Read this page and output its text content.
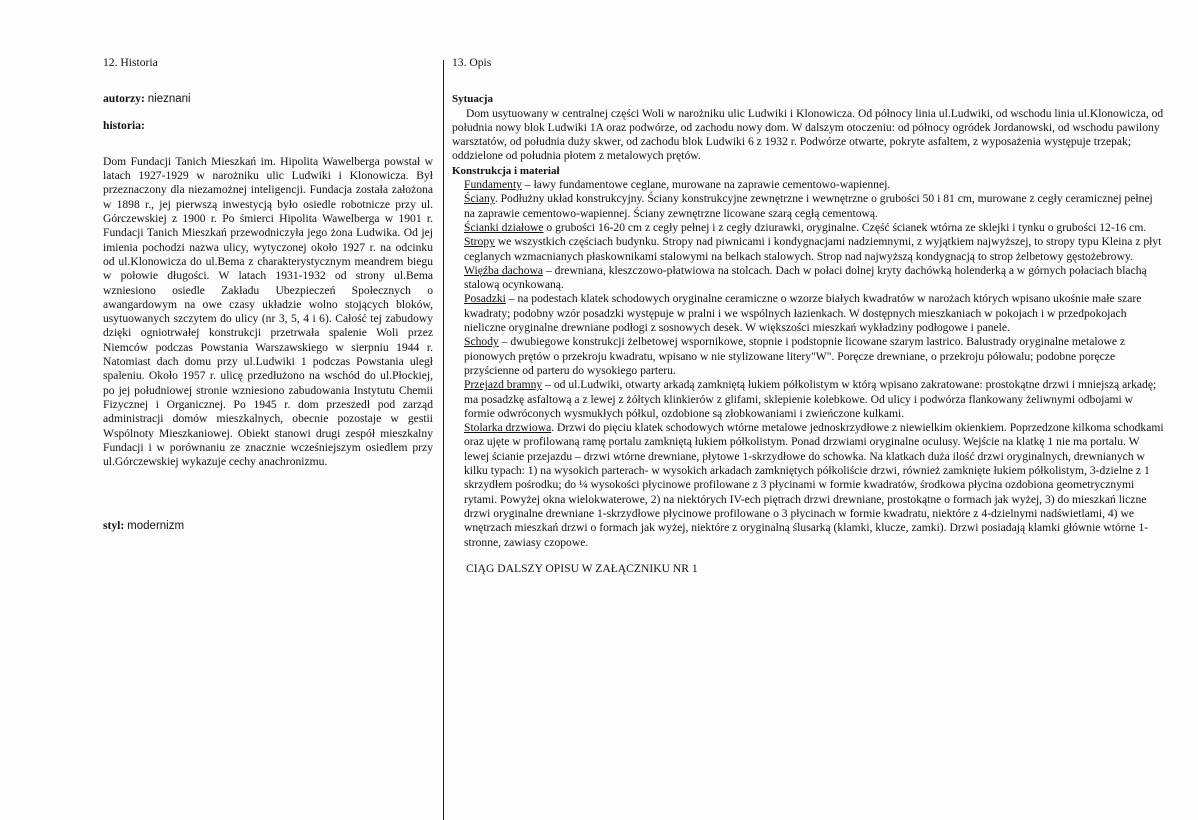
12. Historia

autorzy: nieznani

historia:

Dom Fundacji Tanich Mieszkań im. Hipolita Wawelberga powstał w latach 1927-1929 w narożniku ulic Ludwiki i Klonowicza. Był przeznaczony dla niezamożnej inteligencji. Fundacja została założona w 1898 r., jej pierwszą inwestycją było osiedle robotnicze przy ul. Górczewskiej z 1900 r. Po śmierci Hipolita Wawelberga w 1901 r. Fundacji Tanich Mieszkań przewodniczyła jego żona Ludwika. Od jej imienia pochodzi nazwa ulicy, wytyczonej około 1927 r. na odcinku od ul.Klonowicza do ul.Bema z charakterystycznym meandrem biegu w połowie długości. W latach 1931-1932 od strony ul.Bema wzniesiono osiedle Zakładu Ubezpieczeń Społecznych o awangardowym na owe czasy układzie wolno stojących bloków, usytuowanych szczytem do ulicy (nr 3, 5, 4 i 6). Całość tej zabudowy dzięki ogniotrwałej konstrukcji przetrwała spalenie Woli przez Niemców podczas Powstania Warszawskiego w sierpniu 1944 r. Natomiast dach domu przy ul.Ludwiki 1 podczas Powstania uległ spaleniu. Około 1957 r. ulicę przedłużono na wschód do ul.Płockiej, po jej południowej stronie wzniesiono zabudowania Instytutu Chemii Fizycznej i Organicznej. Po 1945 r. dom przeszedł pod zarząd administracji domów mieszkalnych, obecnie pozostaje w gestii Wspólnoty Mieszkaniowej. Obiekt stanowi drugi zespół mieszkalny Fundacji i w porównaniu ze znacznie wcześniejszym osiedlem przy ul.Górczewskiej wykazuje cechy anachronizmu.

styl: modernizm

13. Opis

Sytuacja

Dom usytuowany w centralnej części Woli w narożniku ulic Ludwiki i Klonowicza. Od północy linia ul.Ludwiki, od wschodu linia ul.Klonowicza, od południa nowy blok Ludwiki 1A oraz podwórze, od zachodu nowy dom. W dalszym otoczeniu: od północy ogródek Jordanowski, od wschodu pawilony warsztatów, od południa duży skwer, od zachodu blok Ludwiki 6 z 1932 r. Podwórze otwarte, pokryte asfaltem, z wyposażenia występuje trzepak; oddzielone od południa płotem z metalowych prętów.

Konstrukcja i materiał

Fundamenty – ławy fundamentowe ceglane, murowane na zaprawie cementowo-wapiennej.

Ściany. Podłużny układ konstrukcyjny. Ściany konstrukcyjne zewnętrzne i wewnętrzne o grubości 50 i 81 cm, murowane z cegły ceramicznej pełnej na zaprawie cementowo-wapiennej. Ściany zewnętrzne licowane szarą cegłą cementową.

Ścianki działowe o grubości 16-20 cm z cegły pełnej i z cegły dziurawki, oryginalne. Część ścianek wtórna ze sklejki i tynku o grubości 12-16 cm.

Stropy we wszystkich częściach budynku. Stropy nad piwnicami i kondygnacjami nadziemnymi, z wyjątkiem najwyższej, to stropy typu Kleina z płyt ceglanych wzmacnianych płaskownikami stalowymi na belkach stalowych. Strop nad najwyższą kondygnacją to strop żelbetowy gęstożebrowy.

Więźba dachowa – drewniana, kleszczowo-płatwiowa na stolcach. Dach w połaci dolnej kryty dachówką holenderką a w górnych połaciach blachą stalową ocynkowaną.

Posadzki – na podestach klatek schodowych oryginalne ceramiczne o wzorze białych kwadratów w narożach których wpisano ukośnie małe szare kwadraty; podobny wzór posadzki występuje w pralni i we wspólnych łazienkach. W dostępnych mieszkaniach w pokojach i w przedpokojach nieliczne oryginalne drewniane podłogi z sosnowych desek. W większości mieszkań wykładziny podłogowe i panele.

Schody – dwubiegowe konstrukcji żelbetowej wspornikowe, stopnie i podstopnie licowane szarym lastrico. Balustrady oryginalne metalowe z pionowych prętów o przekroju kwadratu, wpisano w nie stylizowane litery"W". Poręcze drewniane, o przekroju półowalu; podobne poręcze przyściennе od parteru do wysokiego parteru.

Przejazd bramny – od ul.Ludwiki, otwarty arkadą zamkniętą łukiem półkolistym w którą wpisano zakratowane: prostokątne drzwi i mniejszą arkadę; ma posadzkę asfaltową a z lewej z żółtych klinkierów z glifami, sklepienie kolebkowe. Od ulicy i podwórza flankowany żeliwnymi odbojami w formie odwróconych wysmukłych półkul, ozdobione są złobkowaniami i zwieńczone kulkami.

Stolarka drzwiowa. Drzwi do pięciu klatek schodowych wtórne metalowe jednoskrzydłowe z niewielkim okienkiem. Poprzedzone kilkoma schodkami oraz ujęte w profilowaną ramę portalu zamkniętą łukiem półkolistym. Ponad drzwiami oryginalne oculusy. Wejście na klatkę 1 nie ma portalu. W lewej ścianie przejazdu – drzwi wtórne drewniane, płytowe 1-skrzydłowe do schowka. Na klatkach duża ilość drzwi oryginalnych, drewnianych w kilku typach: 1) na wysokich parterach- w wysokich arkadach zamkniętych półkoliście drzwi, również zamknięte łukiem półkolistym, 3-dzielne z 1 skrzydłem pośrodku; do ¼ wysokości płycinowe profilowane z 3 płycinami w formie kwadratów, środkowa płycina ozdobiona geometrycznymi rytami. Powyżej okna wielokwaterowe, 2) na niektórych IV-ech piętrach drzwi drewniane, prostokątne o formach jak wyżej, 3) do mieszkań liczne drzwi oryginalne drewniane 1-skrzydłowe płycinowe profilowane o 3 płycinach w formie kwadratu, niektóre z 4-dzielnymi nadświetlami, 4) we wnętrzach mieszkań drzwi o formach jak wyżej, niektóre z oryginalną ślusarką (klamki, klucze, zamki). Drzwi posiadają klamki głównie wtórne 1-stronne, zawiasy czopowe.

CIĄG DALSZY OPISU W ZAŁĄCZNIKU NR 1
